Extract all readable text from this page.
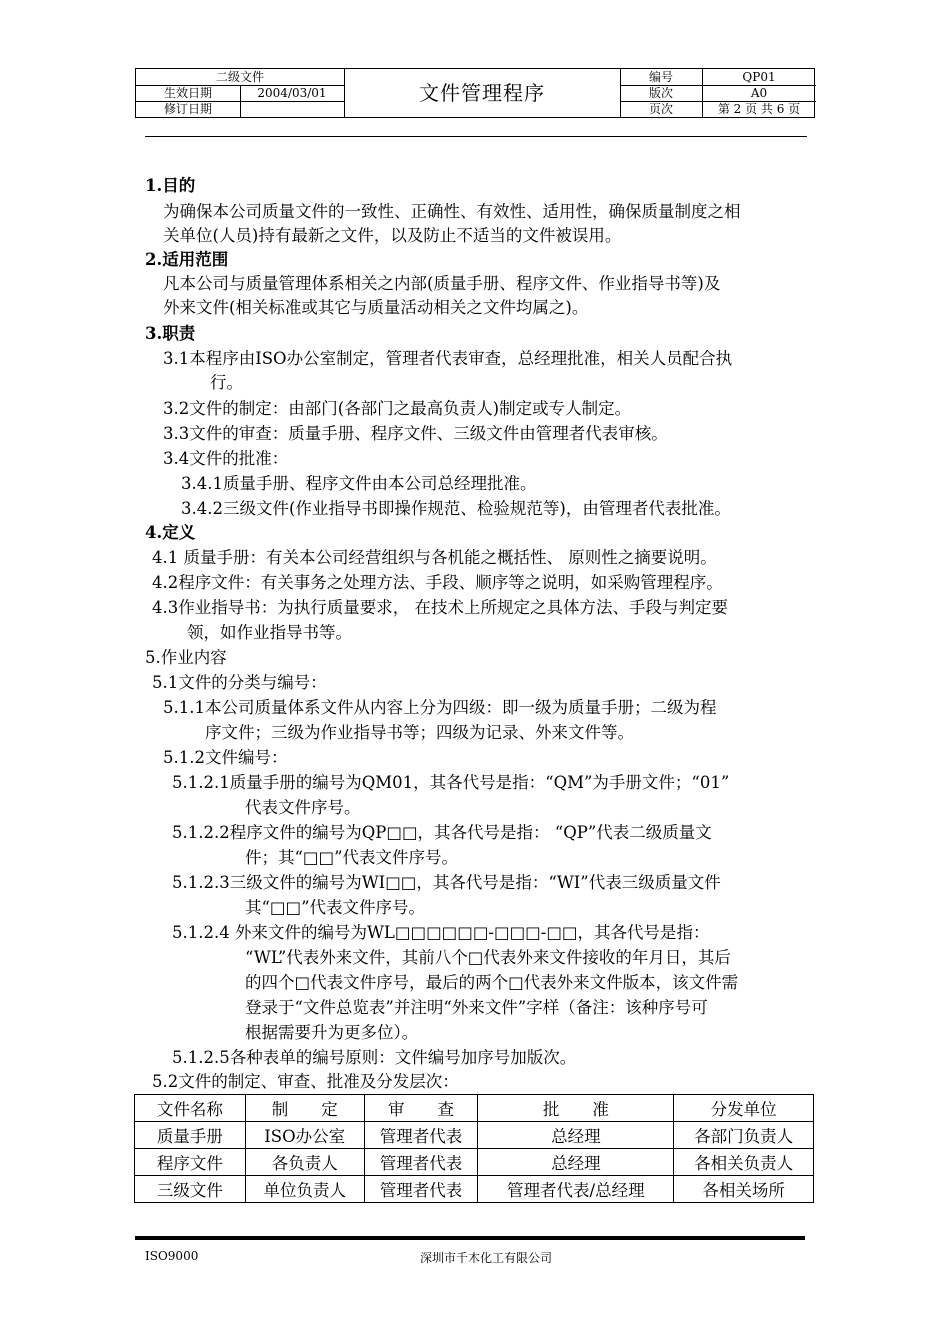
二级文件
生效日期	2004/03/01
修订日期
文件管理程序
编号	QP01
版次	A0
页次	第 2 页 共 6 页
1.目的
为确保本公司质量文件的一致性、正确性、有效性、适用性，确保质量制度之相
关单位(人员)持有最新之文件，以及防止不适当的文件被误用。
2.适用范围
凡本公司与质量管理体系相关之内部(质量手册、程序文件、作业指导书等)及
外来文件(相关标准或其它与质量活动相关之文件均属之)。
3.职责
3.1本程序由ISO办公室制定，管理者代表审查，总经理批准，相关人员配合执
行。
3.2文件的制定：由部门(各部门之最高负责人)制定或专人制定。
3.3文件的审查：质量手册、程序文件、三级文件由管理者代表审核。
3.4文件的批准：
3.4.1质量手册、程序文件由本公司总经理批准。
3.4.2三级文件(作业指导书即操作规范、检验规范等)，由管理者代表批准。
4.定义
4.1 质量手册：有关本公司经营组织与各机能之概括性、 原则性之摘要说明。
4.2程序文件：有关事务之处理方法、手段、顺序等之说明，如采购管理程序。
4.3作业指导书：为执行质量要求， 在技术上所规定之具体方法、手段与判定要
领，如作业指导书等。
5.作业内容
5.1文件的分类与编号：
5.1.1本公司质量体系文件从内容上分为四级：即一级为质量手册；二级为程
序文件；三级为作业指导书等；四级为记录、外来文件等。
5.1.2文件编号：
5.1.2.1质量手册的编号为QM01，其各代号是指：“QM”为手册文件；“01”
代表文件序号。
5.1.2.2程序文件的编号为QP□□，其各代号是指： “QP”代表二级质量文
件；其“□□”代表文件序号。
5.1.2.3三级文件的编号为WI□□，其各代号是指：“WI”代表三级质量文件
其“□□”代表文件序号。
5.1.2.4 外来文件的编号为WL□□□□□□-□□□-□□，其各代号是指：
“WL”代表外来文件，其前八个□代表外来文件接收的年月日，其后
的四个□代表文件序号，最后的两个□代表外来文件版本，该文件需
登录于“文件总览表”并注明“外来文件”字样（备注：该种序号可
根据需要升为更多位）。
5.1.2.5各种表单的编号原则：文件编号加序号加版次。
5.2文件的制定、审查、批准及分发层次：
文件名称	制　　定	审　　查	批　　准	分发单位
质量手册	ISO办公室	管理者代表	总经理	各部门负责人
程序文件	各负责人	管理者代表	总经理	各相关负责人
三级文件	单位负责人	管理者代表	管理者代表/总经理	各相关场所
ISO9000	深圳市千木化工有限公司
